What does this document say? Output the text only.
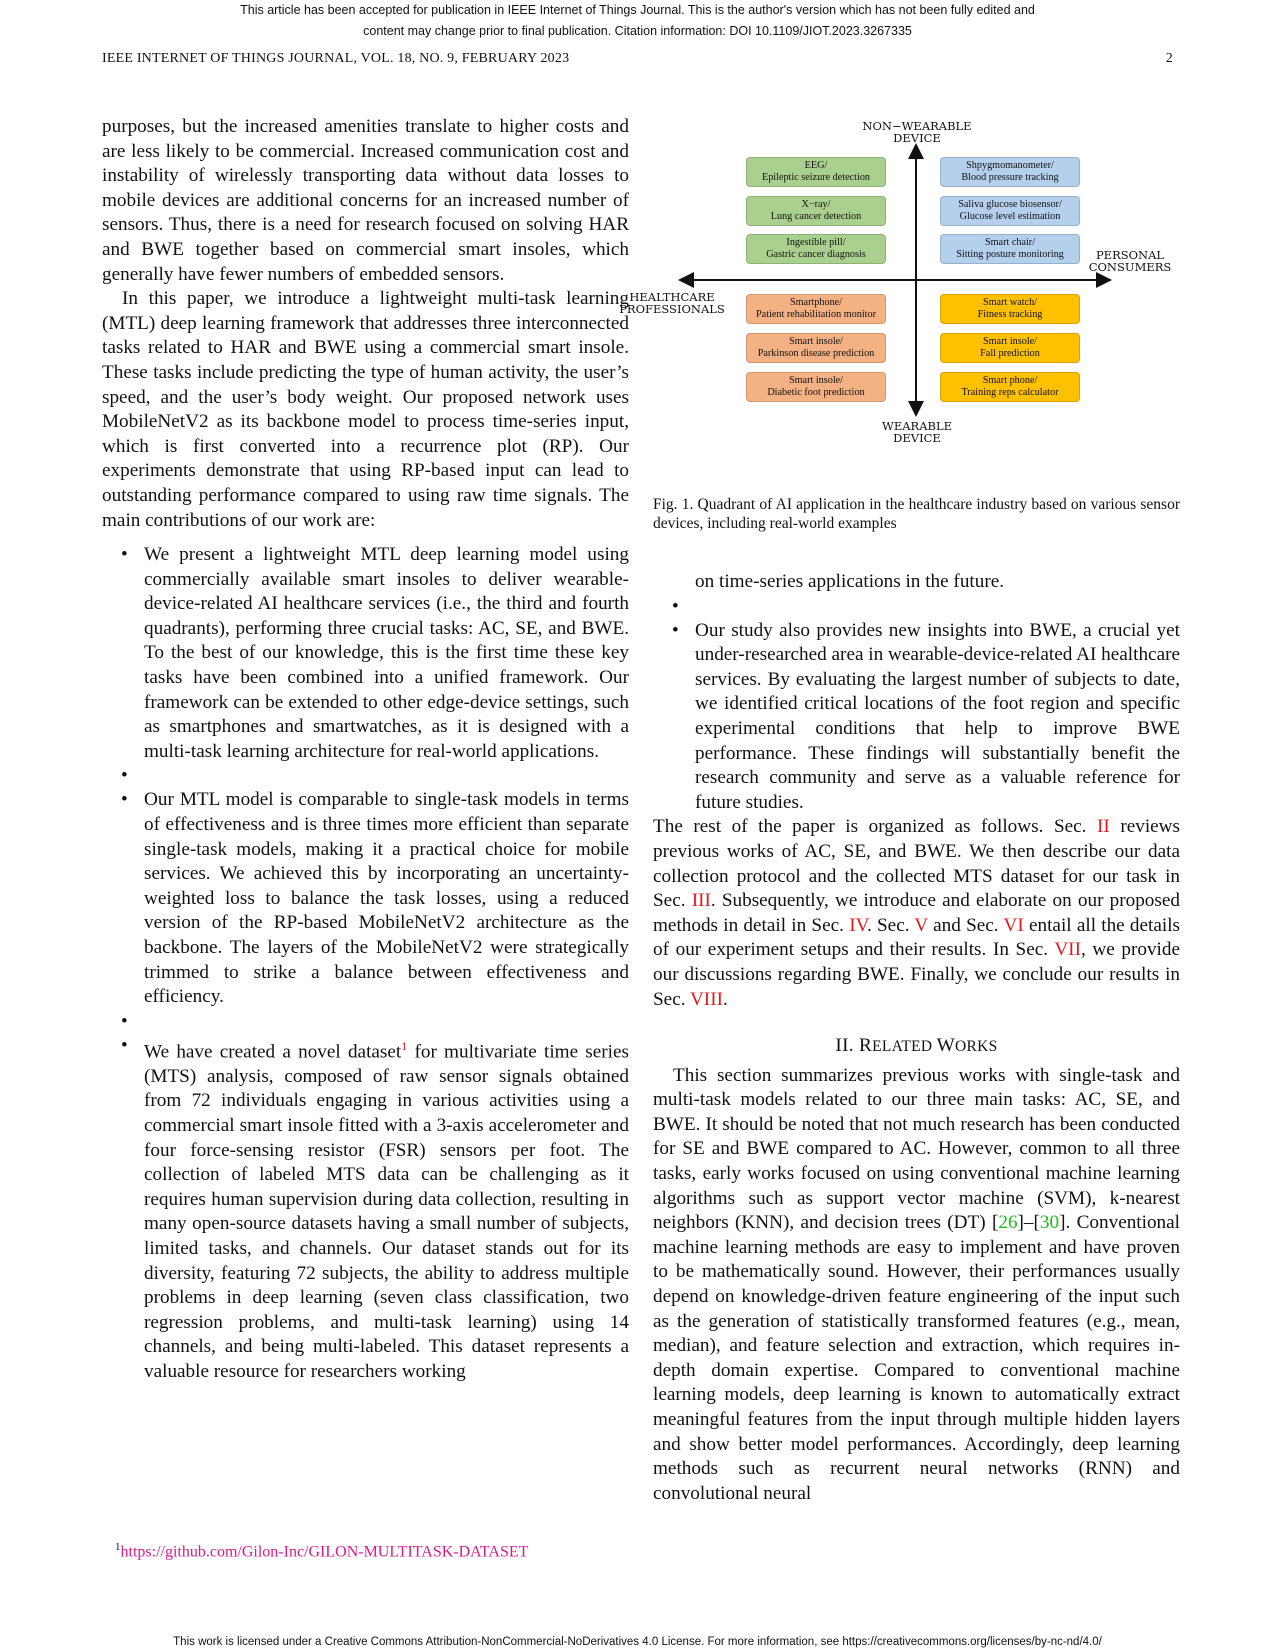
This article has been accepted for publication in IEEE Internet of Things Journal. This is the author's version which has not been fully edited and
content may change prior to final publication. Citation information: DOI 10.1109/JIOT.2023.3267335
IEEE INTERNET OF THINGS JOURNAL, VOL. 18, NO. 9, FEBRUARY 2023	2

purposes, but the increased amenities translate to higher costs and are less likely to be commercial. Increased communication cost and instability of wirelessly transporting data without data losses to mobile devices are additional concerns for an increased number of sensors. Thus, there is a need for research focused on solving HAR and BWE together based on commercial smart insoles, which generally have fewer numbers of embedded sensors.

In this paper, we introduce a lightweight multi-task learning (MTL) deep learning framework that addresses three interconnected tasks related to HAR and BWE using a commercial smart insole. These tasks include predicting the type of human activity, the user’s speed, and the user’s body weight. Our proposed network uses MobileNetV2 as its backbone model to process time-series input, which is first converted into a recurrence plot (RP). Our experiments demonstrate that using RP-based input can lead to outstanding performance compared to using raw time signals. The main contributions of our work are:

• We present a lightweight MTL deep learning model using commercially available smart insoles to deliver wearable-device-related AI healthcare services (i.e., the third and fourth quadrants), performing three crucial tasks: AC, SE, and BWE. To the best of our knowledge, this is the first time these key tasks have been combined into a unified framework. Our framework can be extended to other edge-device settings, such as smartphones and smartwatches, as it is designed with a multi-task learning architecture for real-world applications.
•
• Our MTL model is comparable to single-task models in terms of effectiveness and is three times more efficient than separate single-task models, making it a practical choice for mobile services. We achieved this by incorporating an uncertainty-weighted loss to balance the task losses, using a reduced version of the RP-based MobileNetV2 architecture as the backbone. The layers of the MobileNetV2 were strategically trimmed to strike a balance between effectiveness and efficiency.
•
• We have created a novel dataset$^1$ for multivariate time series (MTS) analysis, composed of raw sensor signals obtained from 72 individuals engaging in various activities using a commercial smart insole fitted with a 3-axis accelerometer and four force-sensing resistor (FSR) sensors per foot. The collection of labeled MTS data can be challenging as it requires human supervision during data collection, resulting in many open-source datasets having a small number of subjects, limited tasks, and channels. Our dataset stands out for its diversity, featuring 72 subjects, the ability to address multiple problems in deep learning (seven class classification, two regression problems, and multi-task learning) using 14 channels, and being multi-labeled. This dataset represents a valuable resource for researchers working
NON−WEARABLE
DEVICE
WEARABLE
DEVICE
HEALTHCARE
PROFESSIONALS
PERSONAL
CONSUMERS
EEG/
Epileptic seizure detection
X−ray/
Lung cancer detection
Ingestible pill/
Gastric cancer diagnosis
Shpygmomanometer/
Blood pressure tracking
Saliva glucose biosensor/
Glucose level estimation
Smart chair/
Sitting posture monitoring
Smartphone/
Patient rehabilitation monitor
Smart insole/
Parkinson disease prediction
Smart insole/
Diabetic foot prediction
Smart watch/
Fitness tracking
Smart insole/
Fall prediction
Smart phone/
Training reps calculator
Fig. 1. Quadrant of AI application in the healthcare industry based on various sensor devices, including real-world examples
on time-series applications in the future.
•
• Our study also provides new insights into BWE, a crucial yet under-researched area in wearable-device-related AI healthcare services. By evaluating the largest number of subjects to date, we identified critical locations of the foot region and specific experimental conditions that help to improve BWE performance. These findings will substantially benefit the research community and serve as a valuable reference for future studies.

The rest of the paper is organized as follows. Sec. II reviews previous works of AC, SE, and BWE. We then describe our data collection protocol and the collected MTS dataset for our task in Sec. III. Subsequently, we introduce and elaborate on our proposed methods in detail in Sec. IV. Sec. V and Sec. VI entail all the details of our experiment setups and their results. In Sec. VII, we provide our discussions regarding BWE. Finally, we conclude our results in Sec. VIII.

II. RELATED WORKS

This section summarizes previous works with single-task and multi-task models related to our three main tasks: AC, SE, and BWE. It should be noted that not much research has been conducted for SE and BWE compared to AC. However, common to all three tasks, early works focused on using conventional machine learning algorithms such as support vector machine (SVM), k-nearest neighbors (KNN), and decision trees (DT) [26]–[30]. Conventional machine learning methods are easy to implement and have proven to be mathematically sound. However, their performances usually depend on knowledge-driven feature engineering of the input such as the generation of statistically transformed features (e.g., mean, median), and feature selection and extraction, which requires in-depth domain expertise. Compared to conventional machine learning models, deep learning is known to automatically extract meaningful features from the input through multiple hidden layers and show better model performances. Accordingly, deep learning methods such as recurrent neural networks (RNN) and convolutional neural

$^1$https://github.com/Gilon-Inc/GILON-MULTITASK-DATASET
This work is licensed under a Creative Commons Attribution-NonCommercial-NoDerivatives 4.0 License. For more information, see https://creativecommons.org/licenses/by-nc-nd/4.0/
